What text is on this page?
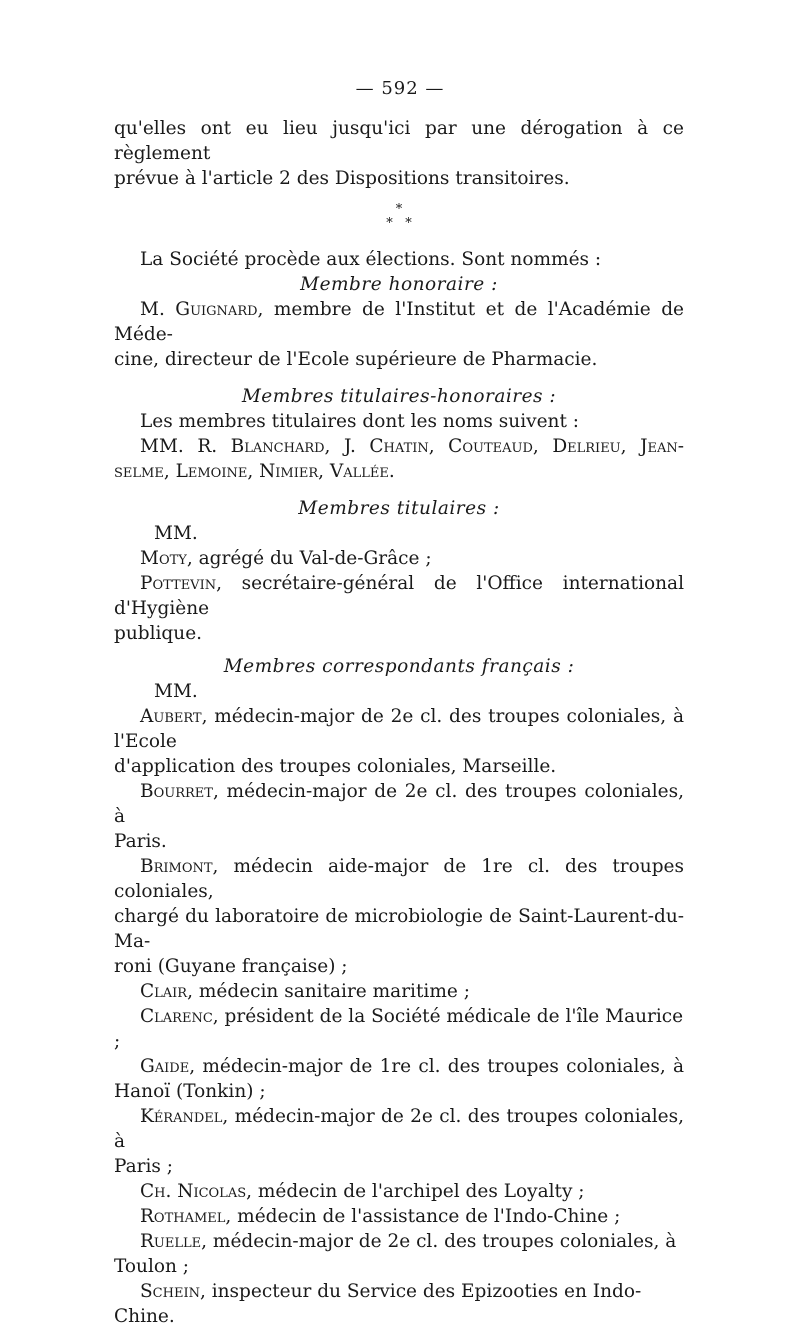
— 592 —

qu'elles ont eu lieu jusqu'ici par une dérogation à ce règlement

prévue à l'article 2 des Dispositions transitoires.

*
*   *

La Société procède aux élections. Sont nommés :

Membre honoraire :

M. Guignard, membre de l'Institut et de l'Académie de Méde-

cine, directeur de l'Ecole supérieure de Pharmacie.

Membres titulaires-honoraires :

Les membres titulaires dont les noms suivent :

MM. R. Blanchard, J. Chatin, Couteaud, Delrieu, Jean-

selme, Lemoine, Nimier, Vallée.

Membres titulaires :

MM.

Moty, agrégé du Val-de-Grâce ;

Pottevin, secrétaire-général de l'Office international d'Hygiène

publique.

Membres correspondants français :

MM.

Aubert, médecin-major de 2e cl. des troupes coloniales, à l'Ecole

d'application des troupes coloniales, Marseille.

Bourret, médecin-major de 2e cl. des troupes coloniales, à

Paris.

Brimont, médecin aide-major de 1re cl. des troupes coloniales,

chargé du laboratoire de microbiologie de Saint-Laurent-du-Ma-

roni (Guyane française) ;

Clair, médecin sanitaire maritime ;

Clarenc, président de la Société médicale de l'île Maurice ;

Gaide, médecin-major de 1re cl. des troupes coloniales, à

Hanoï (Tonkin) ;

Kérandel, médecin-major de 2e cl. des troupes coloniales, à

Paris ;

Ch. Nicolas, médecin de l'archipel des Loyalty ;

Rothamel, médecin de l'assistance de l'Indo-Chine ;

Ruelle, médecin-major de 2e cl. des troupes coloniales, à Toulon ;

Schein, inspecteur du Service des Epizooties en Indo-Chine.
